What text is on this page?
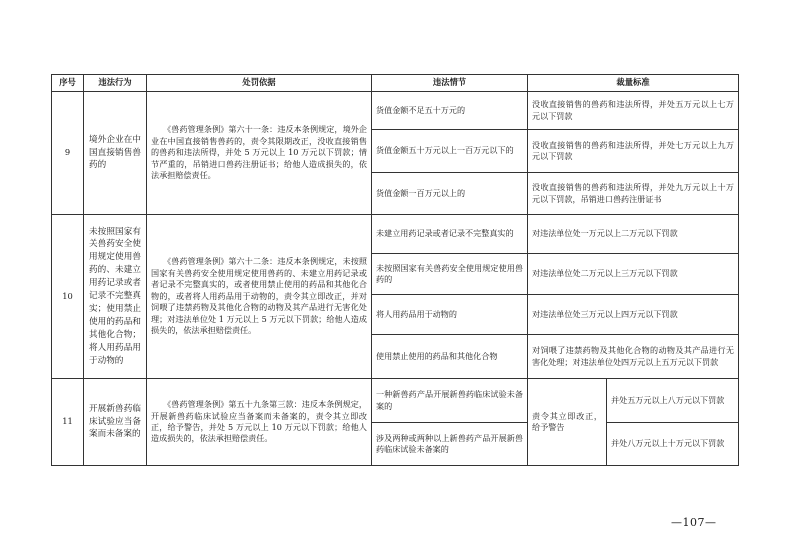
序号	违法行为	处罚依据	违法情节	裁量标准	
9	境外企业在中国直接销售兽药的	《兽药管理条例》第六十一条：违反本条例规定，境外企业在中国直接销售兽药的，责令其限期改正，没收直接销售的兽药和违法所得，并处 5 万元以上 10 万元以下罚款；情节严重的，吊销进口兽药注册证书；给他人造成损失的，依法承担赔偿责任。	货值金额不足五十万元的	没收直接销售的兽药和违法所得，并处五万元以上七万元以下罚款	
			货值金额五十万元以上一百万元以下的	没收直接销售的兽药和违法所得，并处七万元以上九万元以下罚款	
			货值金额一百万元以上的	没收直接销售的兽药和违法所得，并处九万元以上十万元以下罚款，吊销进口兽药注册证书	
10	未按照国家有关兽药安全使用规定使用兽药的、未建立用药记录或者记录不完整真实；使用禁止使用的药品和其他化合物；将人用药品用于动物的	《兽药管理条例》第六十二条：违反本条例规定，未按照国家有关兽药安全使用规定使用兽药的、未建立用药记录或者记录不完整真实的，或者使用禁止使用的药品和其他化合物的，或者将人用药品用于动物的，责令其立即改正，并对饲喂了违禁药物及其他化合物的动物及其产品进行无害化处理；对违法单位处 1 万元以上 5 万元以下罚款；给他人造成损失的，依法承担赔偿责任。	未建立用药记录或者记录不完整真实的	对违法单位处一万元以上二万元以下罚款	
			未按照国家有关兽药安全使用规定使用兽药的	对违法单位处二万元以上三万元以下罚款	
			将人用药品用于动物的	对违法单位处三万元以上四万元以下罚款	
			使用禁止使用的药品和其他化合物	对饲喂了违禁药物及其他化合物的动物及其产品进行无害化处理；对违法单位处四万元以上五万元以下罚款	
11	开展新兽药临床试验应当备案而未备案的	《兽药管理条例》第五十九条第三款：违反本条例规定，开展新兽药临床试验应当备案而未备案的，责令其立即改正，给予警告，并处 5 万元以上 10 万元以下罚款；给他人造成损失的，依法承担赔偿责任。	一种新兽药产品开展新兽药临床试验未备案的	责令其立即改正，给予警告	并处五万元以上八万元以下罚款
			涉及两种或两种以上新兽药产品开展新兽药临床试验未备案的		并处八万元以上十万元以下罚款
—107—
